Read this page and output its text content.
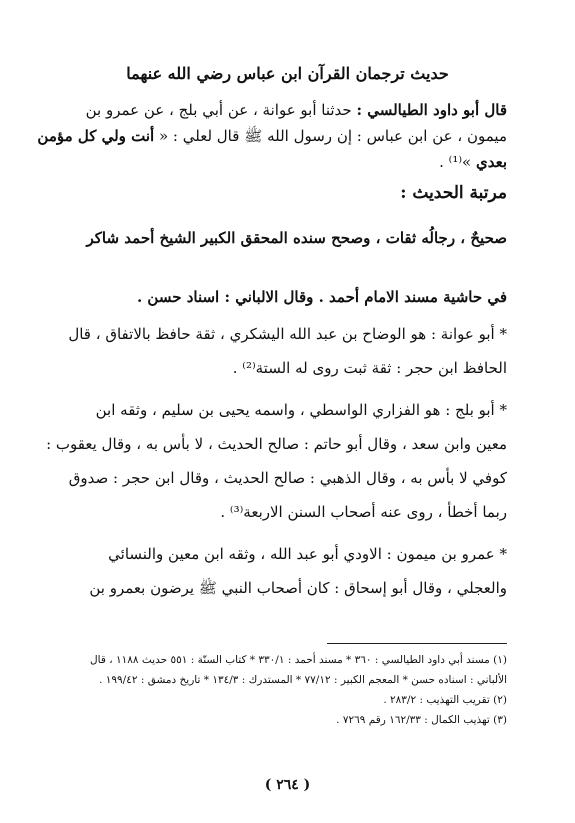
حديث ترجمان القرآن ابن عباس رضي الله عنهما
قال أبو داود الطيالسي : حدثنا أبو عوانة ، عن أبي بلج ، عن عمرو بن
ميمون ، عن ابن عباس : إن رسول الله ﷺ قال لعلي : « أنت ولي كل مؤمن
بعدي »⁽¹⁾ .
مرتبة الحديث :
صحيحٌ ، رجالُه ثقات ، وصحح سنده المحقق الكبير الشيخ أحمد شاكر
في حاشية مسند الامام أحمد . وقال الالباني : اسناد حسن .
* أبو عوانة : هو الوضاح بن عبد الله اليشكري ، ثقة حافظ بالاتفاق ، قال
الحافظ ابن حجر : ثقة ثبت روى له الستة⁽²⁾ .
* أبو بلج : هو الفزاري الواسطي ، واسمه يحيى بن سليم ، وثقه ابن
معين وابن سعد ، وقال أبو حاتم : صالح الحديث ، لا بأس به ، وقال يعقوب :
كوفي لا بأس به ، وقال الذهبي : صالح الحديث ، وقال ابن حجر : صدوق
ربما أخطأ ، روى عنه أصحاب السنن الاربعة⁽³⁾ .
* عمرو بن ميمون : الاودي أبو عبد الله ، وثقه ابن معين والنسائي
والعجلي ، وقال أبو إسحاق : كان أصحاب النبي ﷺ يرضون بعمرو بن
(١) مسند أبي داود الطيالسي : ٣٦٠ * مسند أحمد : ٣٣٠/١ * كتاب السنّة : ٥٥١ حديث ١١٨٨ ، قال
الألباني : اسناده حسن * المعجم الكبير : ٧٧/١٢ * المستدرك : ١٣٤/٣ * تاريخ دمشق : ١٩٩/٤٢ .
(٢) تقريب التهذيب : ٢٨٣/٢ .
(٣) تهذيب الكمال : ١٦٢/٣٣ رقم ٧٢٦٩ .
( ٢٦٤ )
